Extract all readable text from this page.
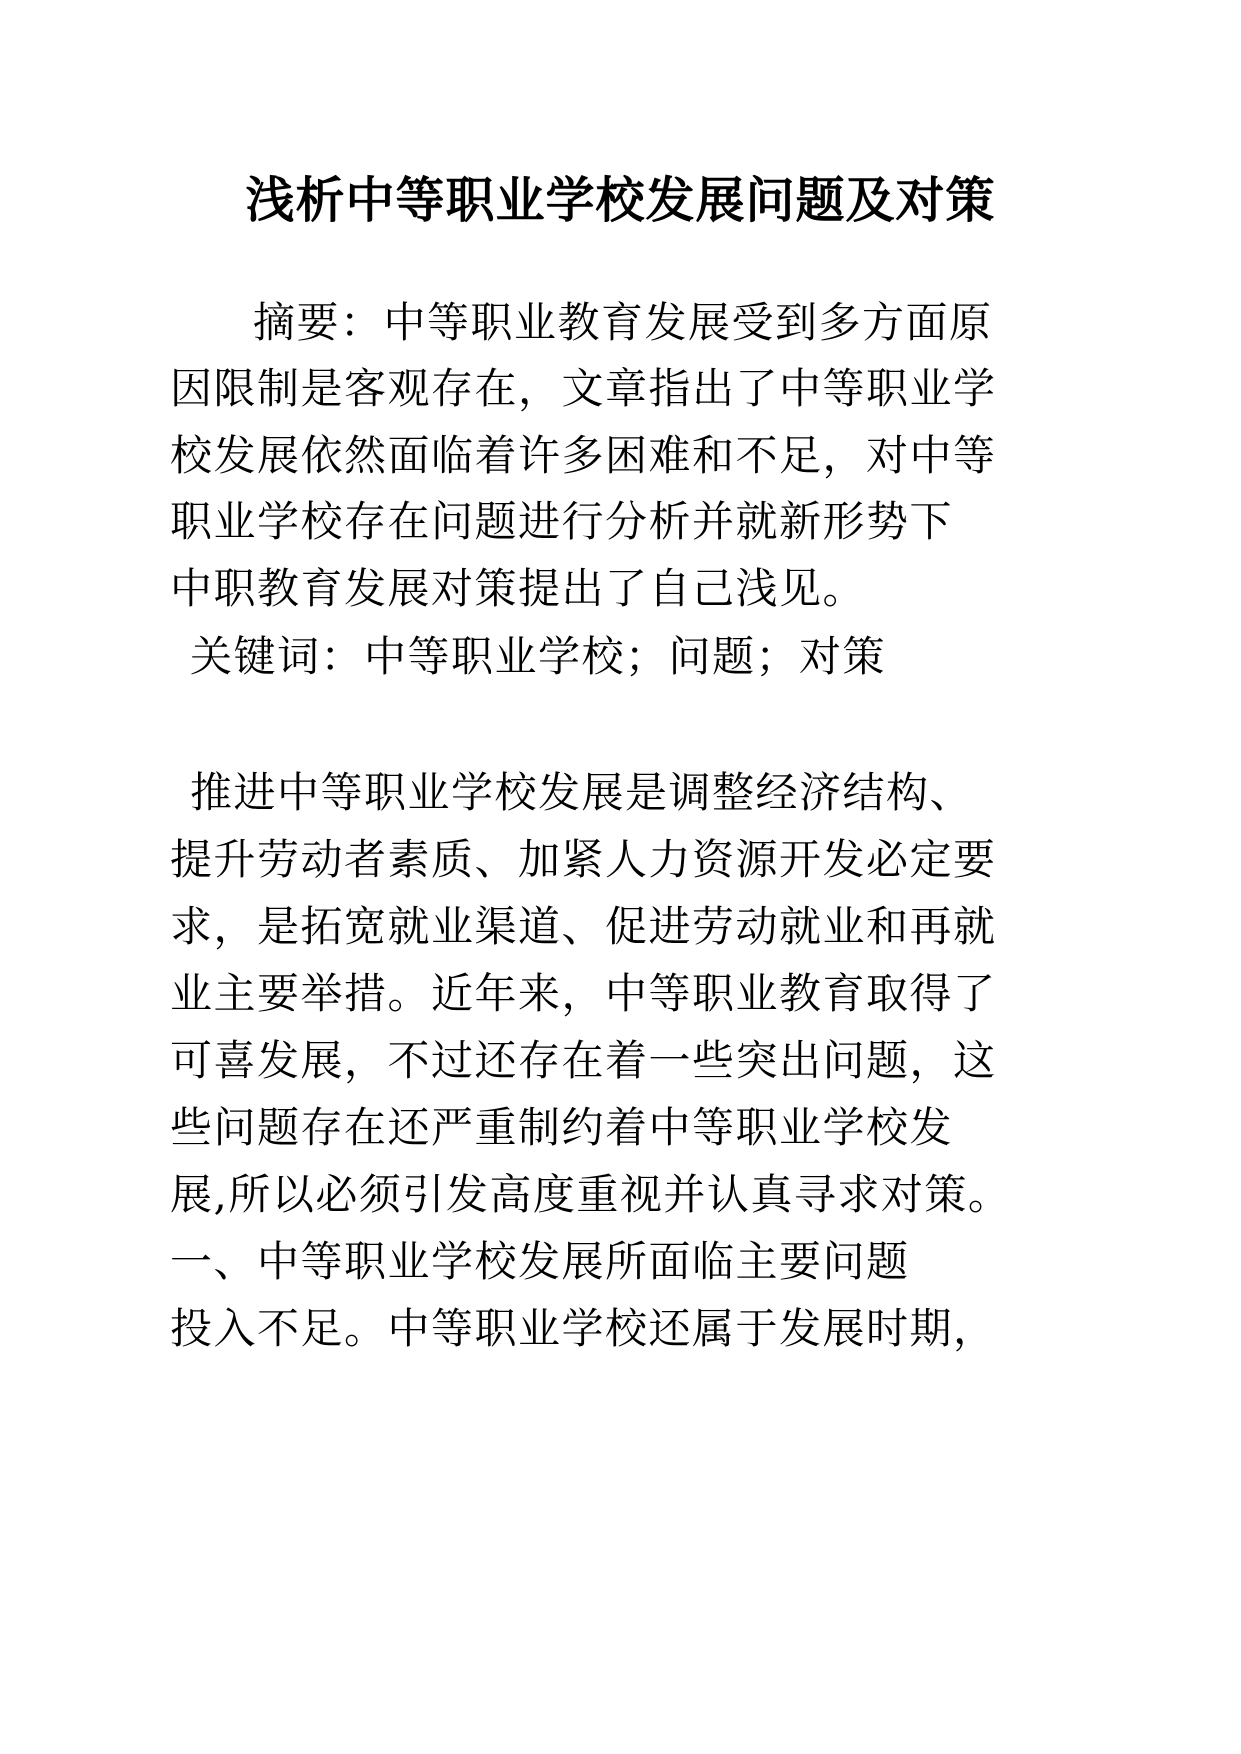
浅析中等职业学校发展问题及对策
摘要：中等职业教育发展受到多方面原
因限制是客观存在，文章指出了中等职业学
校发展依然面临着许多困难和不足，对中等
职业学校存在问题进行分析并就新形势下
中职教育发展对策提出了自己浅见。
关键词：中等职业学校；问题；对策
推进中等职业学校发展是调整经济结构、
提升劳动者素质、加紧人力资源开发必定要
求，是拓宽就业渠道、促进劳动就业和再就
业主要举措。近年来，中等职业教育取得了
可喜发展，不过还存在着一些突出问题，这
些问题存在还严重制约着中等职业学校发
展,所以必须引发高度重视并认真寻求对策。
一、中等职业学校发展所面临主要问题
投入不足。中等职业学校还属于发展时期，
